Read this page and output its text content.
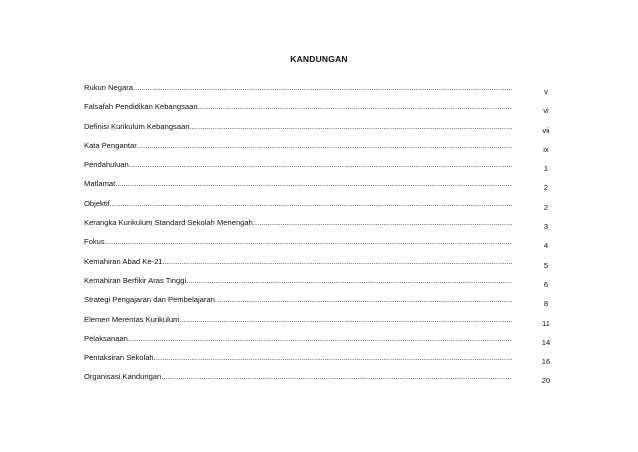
KANDUNGAN
Rukun Negara .....	v
Falsafah Pendidikan Kebangsaan .....	vi
Definisi Kurikulum Kebangsaan .....	vii
Kata Pengantar .....	ix
Pendahuluan .....	1
Matlamat .....	2
Objektif .....	2
Kerangka Kurikulum Standard Sekolah Menengah .....	3
Fokus .....	4
Kemahiran Abad Ke-21 .....	5
Kemahiran Berfikir Aras Tinggi .....	6
Strategi Pengajaran dan Pembelajaran .....	8
Elemen Merentas Kurikulum .....	11
Pelaksanaan .....	14
Pentaksiran Sekolah .....	16
Organisasi Kandungan .....	20
